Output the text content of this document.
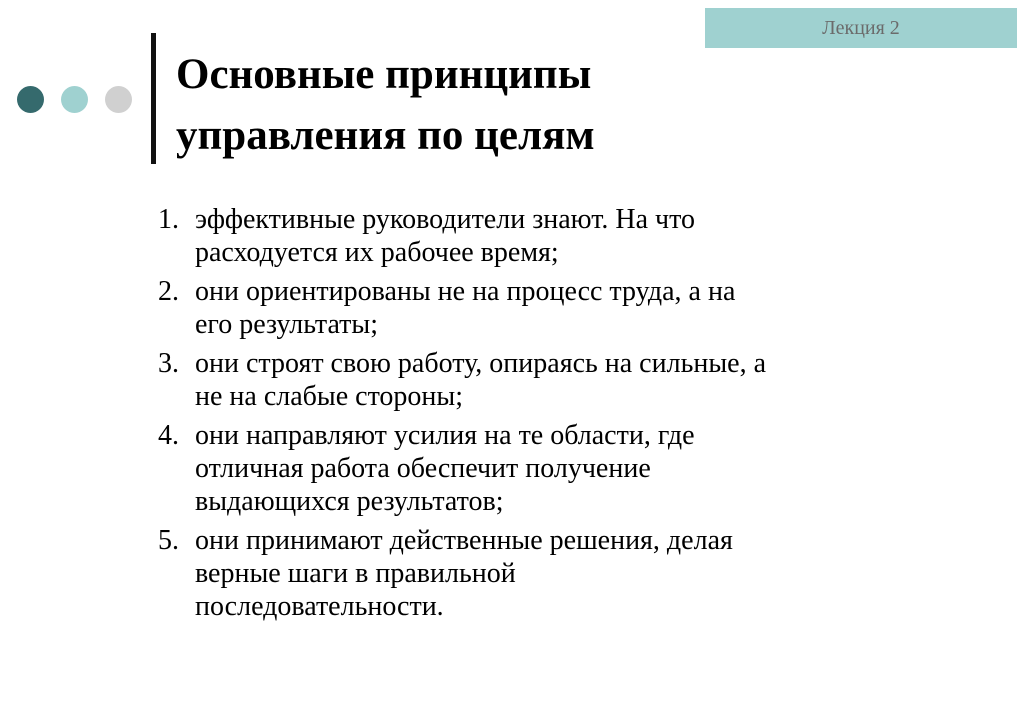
Лекция 2
Основные принципы
управления по целям
1. эффективные руководители знают. На что
расходуется их рабочее время;
2. они ориентированы не на процесс труда, а на
его результаты;
3. они строят свою работу, опираясь на сильные, а
не на слабые стороны;
4. они направляют усилия на те области, где
отличная работа обеспечит получение
выдающихся результатов;
5. они принимают действенные решения, делая
верные шаги в правильной
последовательности.
